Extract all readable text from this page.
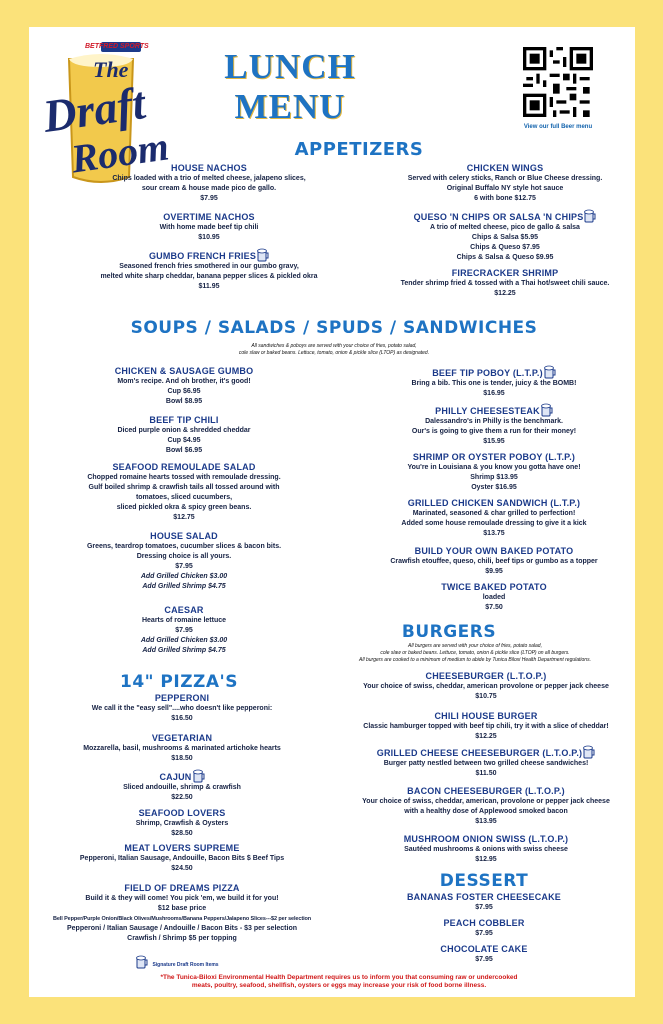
BETFRED SPORTS
The
Draft
Room
LUNCH
MENU
View our full Beer menu
APPETIZERS
HOUSE NACHOS
Chips loaded with a trio of melted cheese, jalapeno slices,
sour cream & house made pico de gallo.
$7.95
OVERTIME NACHOS
With home made beef tip chili
$10.95
GUMBO FRENCH FRIES
Seasoned french fries smothered in our gumbo gravy,
melted white sharp cheddar, banana pepper slices & pickled okra
$11.95
CHICKEN WINGS
Served with celery sticks, Ranch or Blue Cheese dressing.
Original Buffalo NY style hot sauce
6 with bone $12.75
QUESO 'N CHIPS OR SALSA 'N CHIPS
A trio of melted cheese, pico de gallo & salsa
Chips & Salsa $5.95
Chips & Queso $7.95
Chips & Salsa & Queso $9.95
FIRECRACKER SHRIMP
Tender shrimp fried & tossed with a Thai hot/sweet chili sauce.
$12.25
SOUPS / SALADS / SPUDS / SANDWICHES
All sandwiches & poboys are served with your choice of fries, potato salad,
cole slaw or baked beans. Lettuce, tomato, onion & pickle slice (LTOP) as designated.
CHICKEN & SAUSAGE GUMBO
Mom's recipe. And oh brother, it's good!
Cup $6.95
Bowl $8.95
BEEF TIP CHILI
Diced purple onion & shredded cheddar
Cup $4.95
Bowl $6.95
SEAFOOD REMOULADE SALAD
Chopped romaine hearts tossed with remoulade dressing.
Gulf boiled shrimp & crawfish tails all tossed around with
tomatoes, sliced cucumbers,
sliced pickled okra & spicy green beans.
$12.75
HOUSE SALAD
Greens, teardrop tomatoes, cucumber slices & bacon bits.
Dressing choice is all yours.
$7.95
Add Grilled Chicken $3.00
Add Grilled Shrimp $4.75
CAESAR
Hearts of romaine lettuce
$7.95
Add Grilled Chicken $3.00
Add Grilled Shrimp $4.75
BEEF TIP POBOY (L.T.P.)
Bring a bib. This one is tender, juicy & the BOMB!
$16.95
PHILLY CHEESESTEAK
Dalessandro's in Philly is the benchmark.
Our's is going to give them a run for their money!
$15.95
SHRIMP OR OYSTER POBOY (L.T.P.)
You're in Louisiana & you know you gotta have one!
Shrimp $13.95
Oyster $16.95
GRILLED CHICKEN SANDWICH (L.T.P.)
Marinated, seasoned & char grilled to perfection!
Added some house remoulade dressing to give it a kick
$13.75
BUILD YOUR OWN BAKED POTATO
Crawfish etouffee, queso, chili, beef tips or gumbo as a topper
$9.95
TWICE BAKED POTATO
loaded
$7.50
14" PIZZA'S
PEPPERONI
We call it the "easy sell"....who doesn't like pepperoni:
$16.50
VEGETARIAN
Mozzarella, basil, mushrooms & marinated artichoke hearts
$18.50
CAJUN
Sliced andouille, shrimp & crawfish
$22.50
SEAFOOD LOVERS
Shrimp, Crawfish & Oysters
$28.50
MEAT LOVERS SUPREME
Pepperoni, Italian Sausage, Andouille, Bacon Bits $ Beef Tips
$24.50
FIELD OF DREAMS PIZZA
Build it & they will come! You pick 'em, we build it for you!
$12 base price
Bell Pepper/Purple Onion/Black Olives/Mushrooms/Banana Peppers/Jalapeno Slices---$2 per selection
Pepperoni / Italian Sausage / Andouille / Bacon Bits - $3 per selection
Crawfish / Shrimp $5 per topping
Signature Draft Room Items
BURGERS
All burgers are served with your choice of fries, potato salad,
cole slaw or baked beans. Lettuce, tomato, onion & pickle slice (LTOP) on all burgers.
All burgers are cooked to a minimum of medium to abide by Tunica Biloxi Health Department regulations.
CHEESEBURGER (L.T.O.P.)
Your choice of swiss, cheddar, american provolone or pepper jack cheese
$10.75
CHILI HOUSE BURGER
Classic hamburger topped with beef tip chili, try it with a slice of cheddar!
$12.25
GRILLED CHEESE CHEESEBURGER (L.T.O.P.)
Burger patty nestled between two grilled cheese sandwiches!
$11.50
BACON CHEESEBURGER (L.T.O.P.)
Your choice of swiss, cheddar, american, provolone or pepper jack cheese
with a healthy dose of Applewood smoked bacon
$13.95
MUSHROOM ONION SWISS (L.T.O.P.)
Sautéed mushrooms & onions with swiss cheese
$12.95
DESSERT
BANANAS FOSTER CHEESECAKE
$7.95
PEACH COBBLER
$7.95
CHOCOLATE CAKE
$7.95
*The Tunica-Biloxi Environmental Health Department requires us to inform you that consuming raw or undercooked
meats, poultry, seafood, shellfish, oysters or eggs may increase your risk of food borne illness.
